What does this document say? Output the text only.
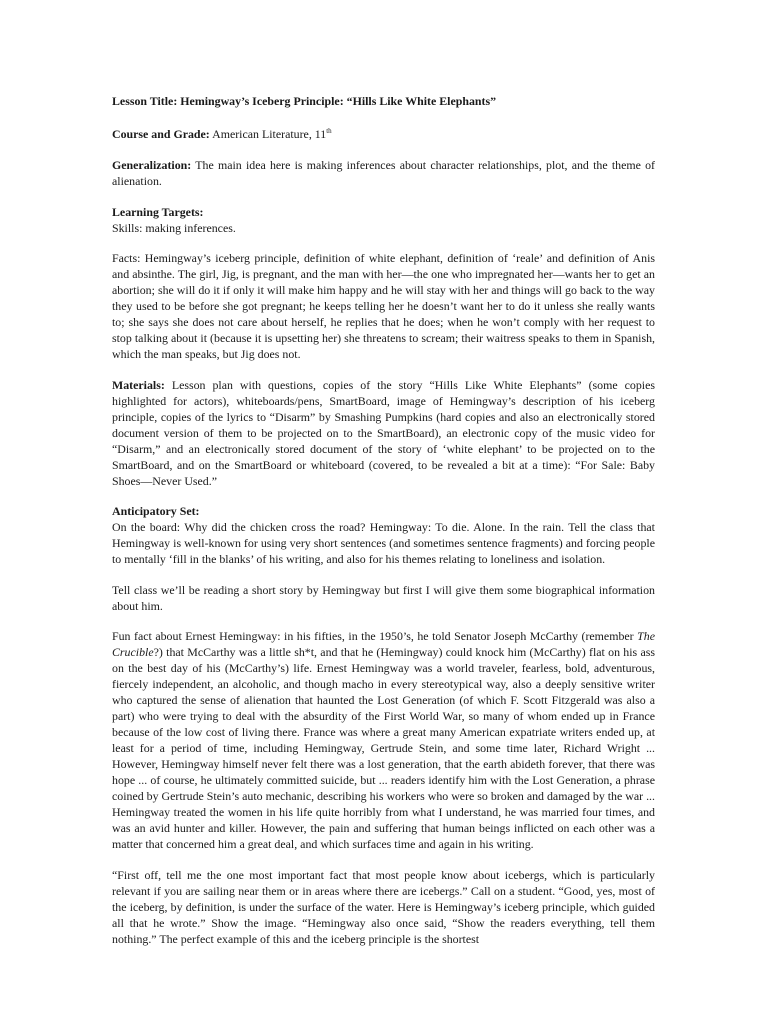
Lesson Title: Hemingway’s Iceberg Principle: “Hills Like White Elephants”

Course and Grade: American Literature, 11th

Generalization: The main idea here is making inferences about character relationships, plot, and the theme of alienation.

Learning Targets:
Skills: making inferences.

Facts: Hemingway’s iceberg principle, definition of white elephant, definition of ‘reale’ and definition of Anis and absinthe. The girl, Jig, is pregnant, and the man with her—the one who impregnated her—wants her to get an abortion; she will do it if only it will make him happy and he will stay with her and things will go back to the way they used to be before she got pregnant; he keeps telling her he doesn’t want her to do it unless she really wants to; she says she does not care about herself, he replies that he does; when he won’t comply with her request to stop talking about it (because it is upsetting her) she threatens to scream; their waitress speaks to them in Spanish, which the man speaks, but Jig does not.

Materials: Lesson plan with questions, copies of the story “Hills Like White Elephants” (some copies highlighted for actors), whiteboards/pens, SmartBoard, image of Hemingway’s description of his iceberg principle, copies of the lyrics to “Disarm” by Smashing Pumpkins (hard copies and also an electronically stored document version of them to be projected on to the SmartBoard), an electronic copy of the music video for “Disarm,” and an electronically stored document of the story of ‘white elephant’ to be projected on to the SmartBoard, and on the SmartBoard or whiteboard (covered, to be revealed a bit at a time): “For Sale: Baby Shoes—Never Used.”

Anticipatory Set:
On the board: Why did the chicken cross the road? Hemingway: To die. Alone. In the rain. Tell the class that Hemingway is well-known for using very short sentences (and sometimes sentence fragments) and forcing people to mentally ‘fill in the blanks’ of his writing, and also for his themes relating to loneliness and isolation.

Tell class we’ll be reading a short story by Hemingway but first I will give them some biographical information about him.

Fun fact about Ernest Hemingway: in his fifties, in the 1950’s, he told Senator Joseph McCarthy (remember The Crucible?) that McCarthy was a little sh*t, and that he (Hemingway) could knock him (McCarthy) flat on his ass on the best day of his (McCarthy’s) life. Ernest Hemingway was a world traveler, fearless, bold, adventurous, fiercely independent, an alcoholic, and though macho in every stereotypical way, also a deeply sensitive writer who captured the sense of alienation that haunted the Lost Generation (of which F. Scott Fitzgerald was also a part) who were trying to deal with the absurdity of the First World War, so many of whom ended up in France because of the low cost of living there. France was where a great many American expatriate writers ended up, at least for a period of time, including Hemingway, Gertrude Stein, and some time later, Richard Wright ... However, Hemingway himself never felt there was a lost generation, that the earth abideth forever, that there was hope ... of course, he ultimately committed suicide, but ... readers identify him with the Lost Generation, a phrase coined by Gertrude Stein’s auto mechanic, describing his workers who were so broken and damaged by the war ... Hemingway treated the women in his life quite horribly from what I understand, he was married four times, and was an avid hunter and killer. However, the pain and suffering that human beings inflicted on each other was a matter that concerned him a great deal, and which surfaces time and again in his writing.

“First off, tell me the one most important fact that most people know about icebergs, which is particularly relevant if you are sailing near them or in areas where there are icebergs.” Call on a student. “Good, yes, most of the iceberg, by definition, is under the surface of the water. Here is Hemingway’s iceberg principle, which guided all that he wrote.” Show the image. “Hemingway also once said, “Show the readers everything, tell them nothing.” The perfect example of this and the iceberg principle is the shortest
